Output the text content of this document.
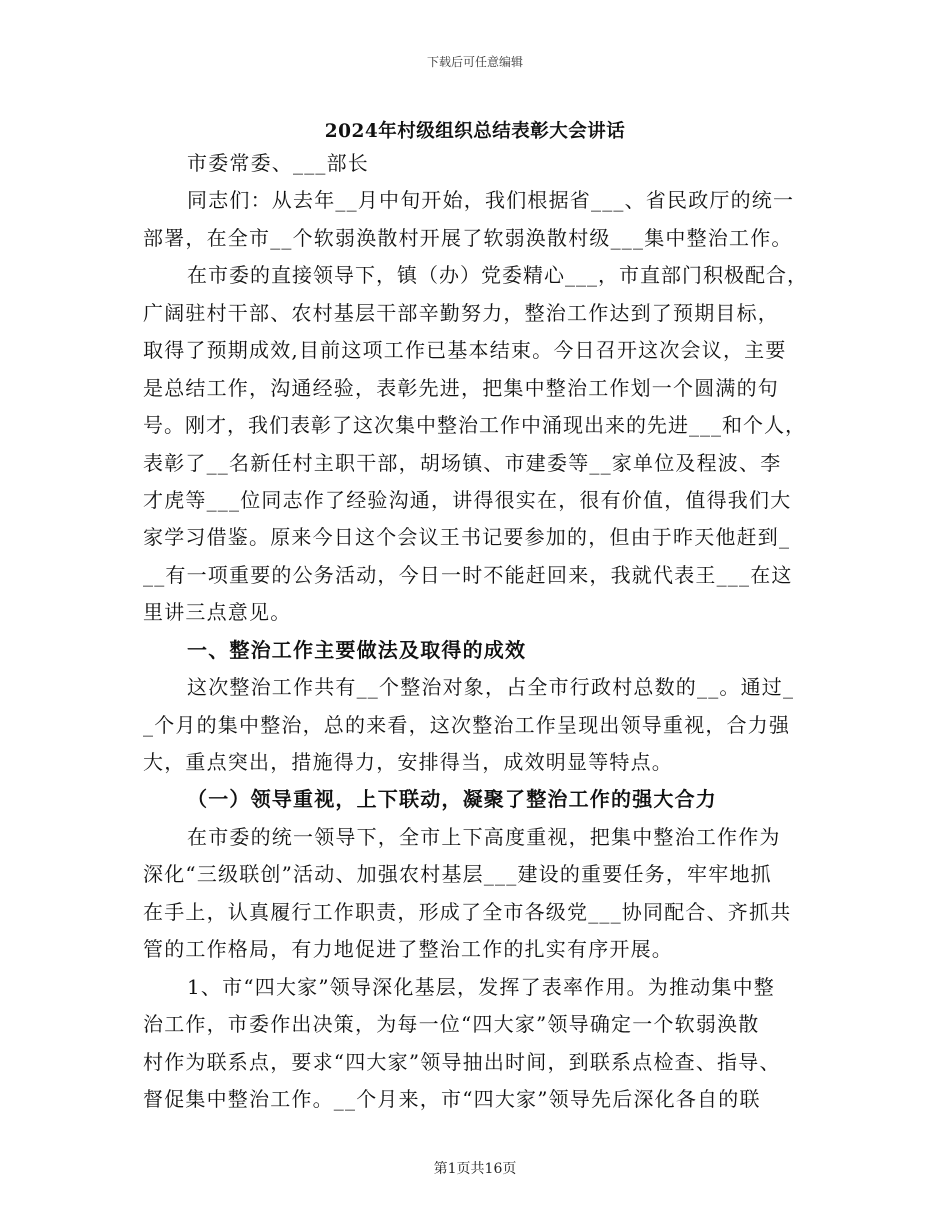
下载后可任意编辑
2024年村级组织总结表彰大会讲话
市委常委、___部长
同志们：从去年__月中旬开始，我们根据省___、省民政厅的统一
部署，在全市__个软弱涣散村开展了软弱涣散村级___集中整治工作。
在市委的直接领导下，镇（办）党委精心___，市直部门积极配合，
广阔驻村干部、农村基层干部辛勤努力，整治工作达到了预期目标，
取得了预期成效,目前这项工作已基本结束。今日召开这次会议，主要
是总结工作，沟通经验，表彰先进，把集中整治工作划一个圆满的句
号。刚才，我们表彰了这次集中整治工作中涌现出来的先进___和个人，
表彰了__名新任村主职干部，胡场镇、市建委等__家单位及程波、李
才虎等___位同志作了经验沟通，讲得很实在，很有价值，值得我们大
家学习借鉴。原来今日这个会议王书记要参加的，但由于昨天他赶到_
__有一项重要的公务活动，今日一时不能赶回来，我就代表王___在这
里讲三点意见。
一、整治工作主要做法及取得的成效
这次整治工作共有__个整治对象，占全市行政村总数的__。通过_
_个月的集中整治，总的来看，这次整治工作呈现出领导重视，合力强
大，重点突出，措施得力，安排得当，成效明显等特点。
（一）领导重视，上下联动，凝聚了整治工作的强大合力
在市委的统一领导下，全市上下高度重视，把集中整治工作作为
深化“三级联创”活动、加强农村基层___建设的重要任务，牢牢地抓
在手上，认真履行工作职责，形成了全市各级党___协同配合、齐抓共
管的工作格局，有力地促进了整治工作的扎实有序开展。
1、市“四大家”领导深化基层，发挥了表率作用。为推动集中整
治工作，市委作出决策，为每一位“四大家”领导确定一个软弱涣散
村作为联系点，要求“四大家”领导抽出时间，到联系点检查、指导、
督促集中整治工作。__个月来，市“四大家”领导先后深化各自的联
第1页共16页
